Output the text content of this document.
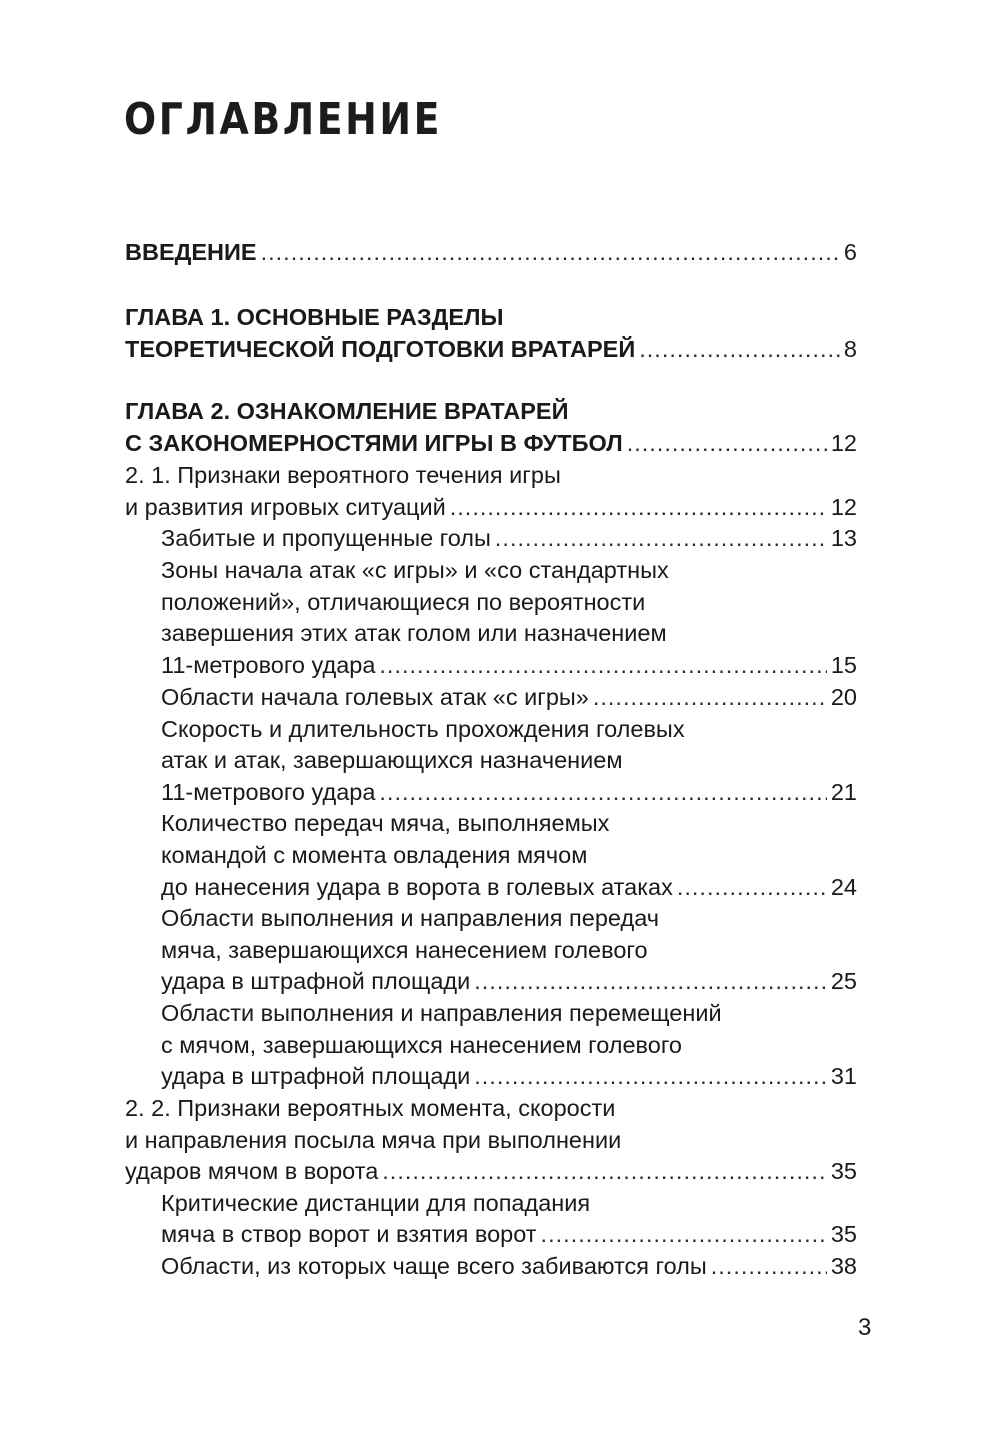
ОГЛАВЛЕНИЕ
ВВЕДЕНИЕ .....	6
ГЛАВА 1. ОСНОВНЫЕ РАЗДЕЛЫ
ТЕОРЕТИЧЕСКОЙ ПОДГОТОВКИ ВРАТАРЕЙ .....	8
ГЛАВА 2. ОЗНАКОМЛЕНИЕ ВРАТАРЕЙ
С ЗАКОНОМЕРНОСТЯМИ ИГРЫ В ФУТБОЛ .....	12
2. 1. Признаки вероятного течения игры
и развития игровых ситуаций .....	12
Забитые и пропущенные голы .....	13
Зоны начала атак «с игры» и «со стандартных
положений», отличающиеся по вероятности
завершения этих атак голом или назначением
11-метрового удара .....	15
Области начала голевых атак «с игры» .....	20
Скорость и длительность прохождения голевых
атак и атак, завершающихся назначением
11-метрового удара .....	21
Количество передач мяча, выполняемых
командой с момента овладения мячом
до нанесения удара в ворота в голевых атаках .....	24
Области выполнения и направления передач
мяча, завершающихся нанесением голевого
удара в штрафной площади .....	25
Области выполнения и направления перемещений
с мячом, завершающихся нанесением голевого
удара в штрафной площади .....	31
2. 2. Признаки вероятных момента, скорости
и направления посыла мяча при выполнении
ударов мячом в ворота .....	35
Критические дистанции для попадания
мяча в створ ворот и взятия ворот .....	35
Области, из которых чаще всего забиваются голы .....	38
3
